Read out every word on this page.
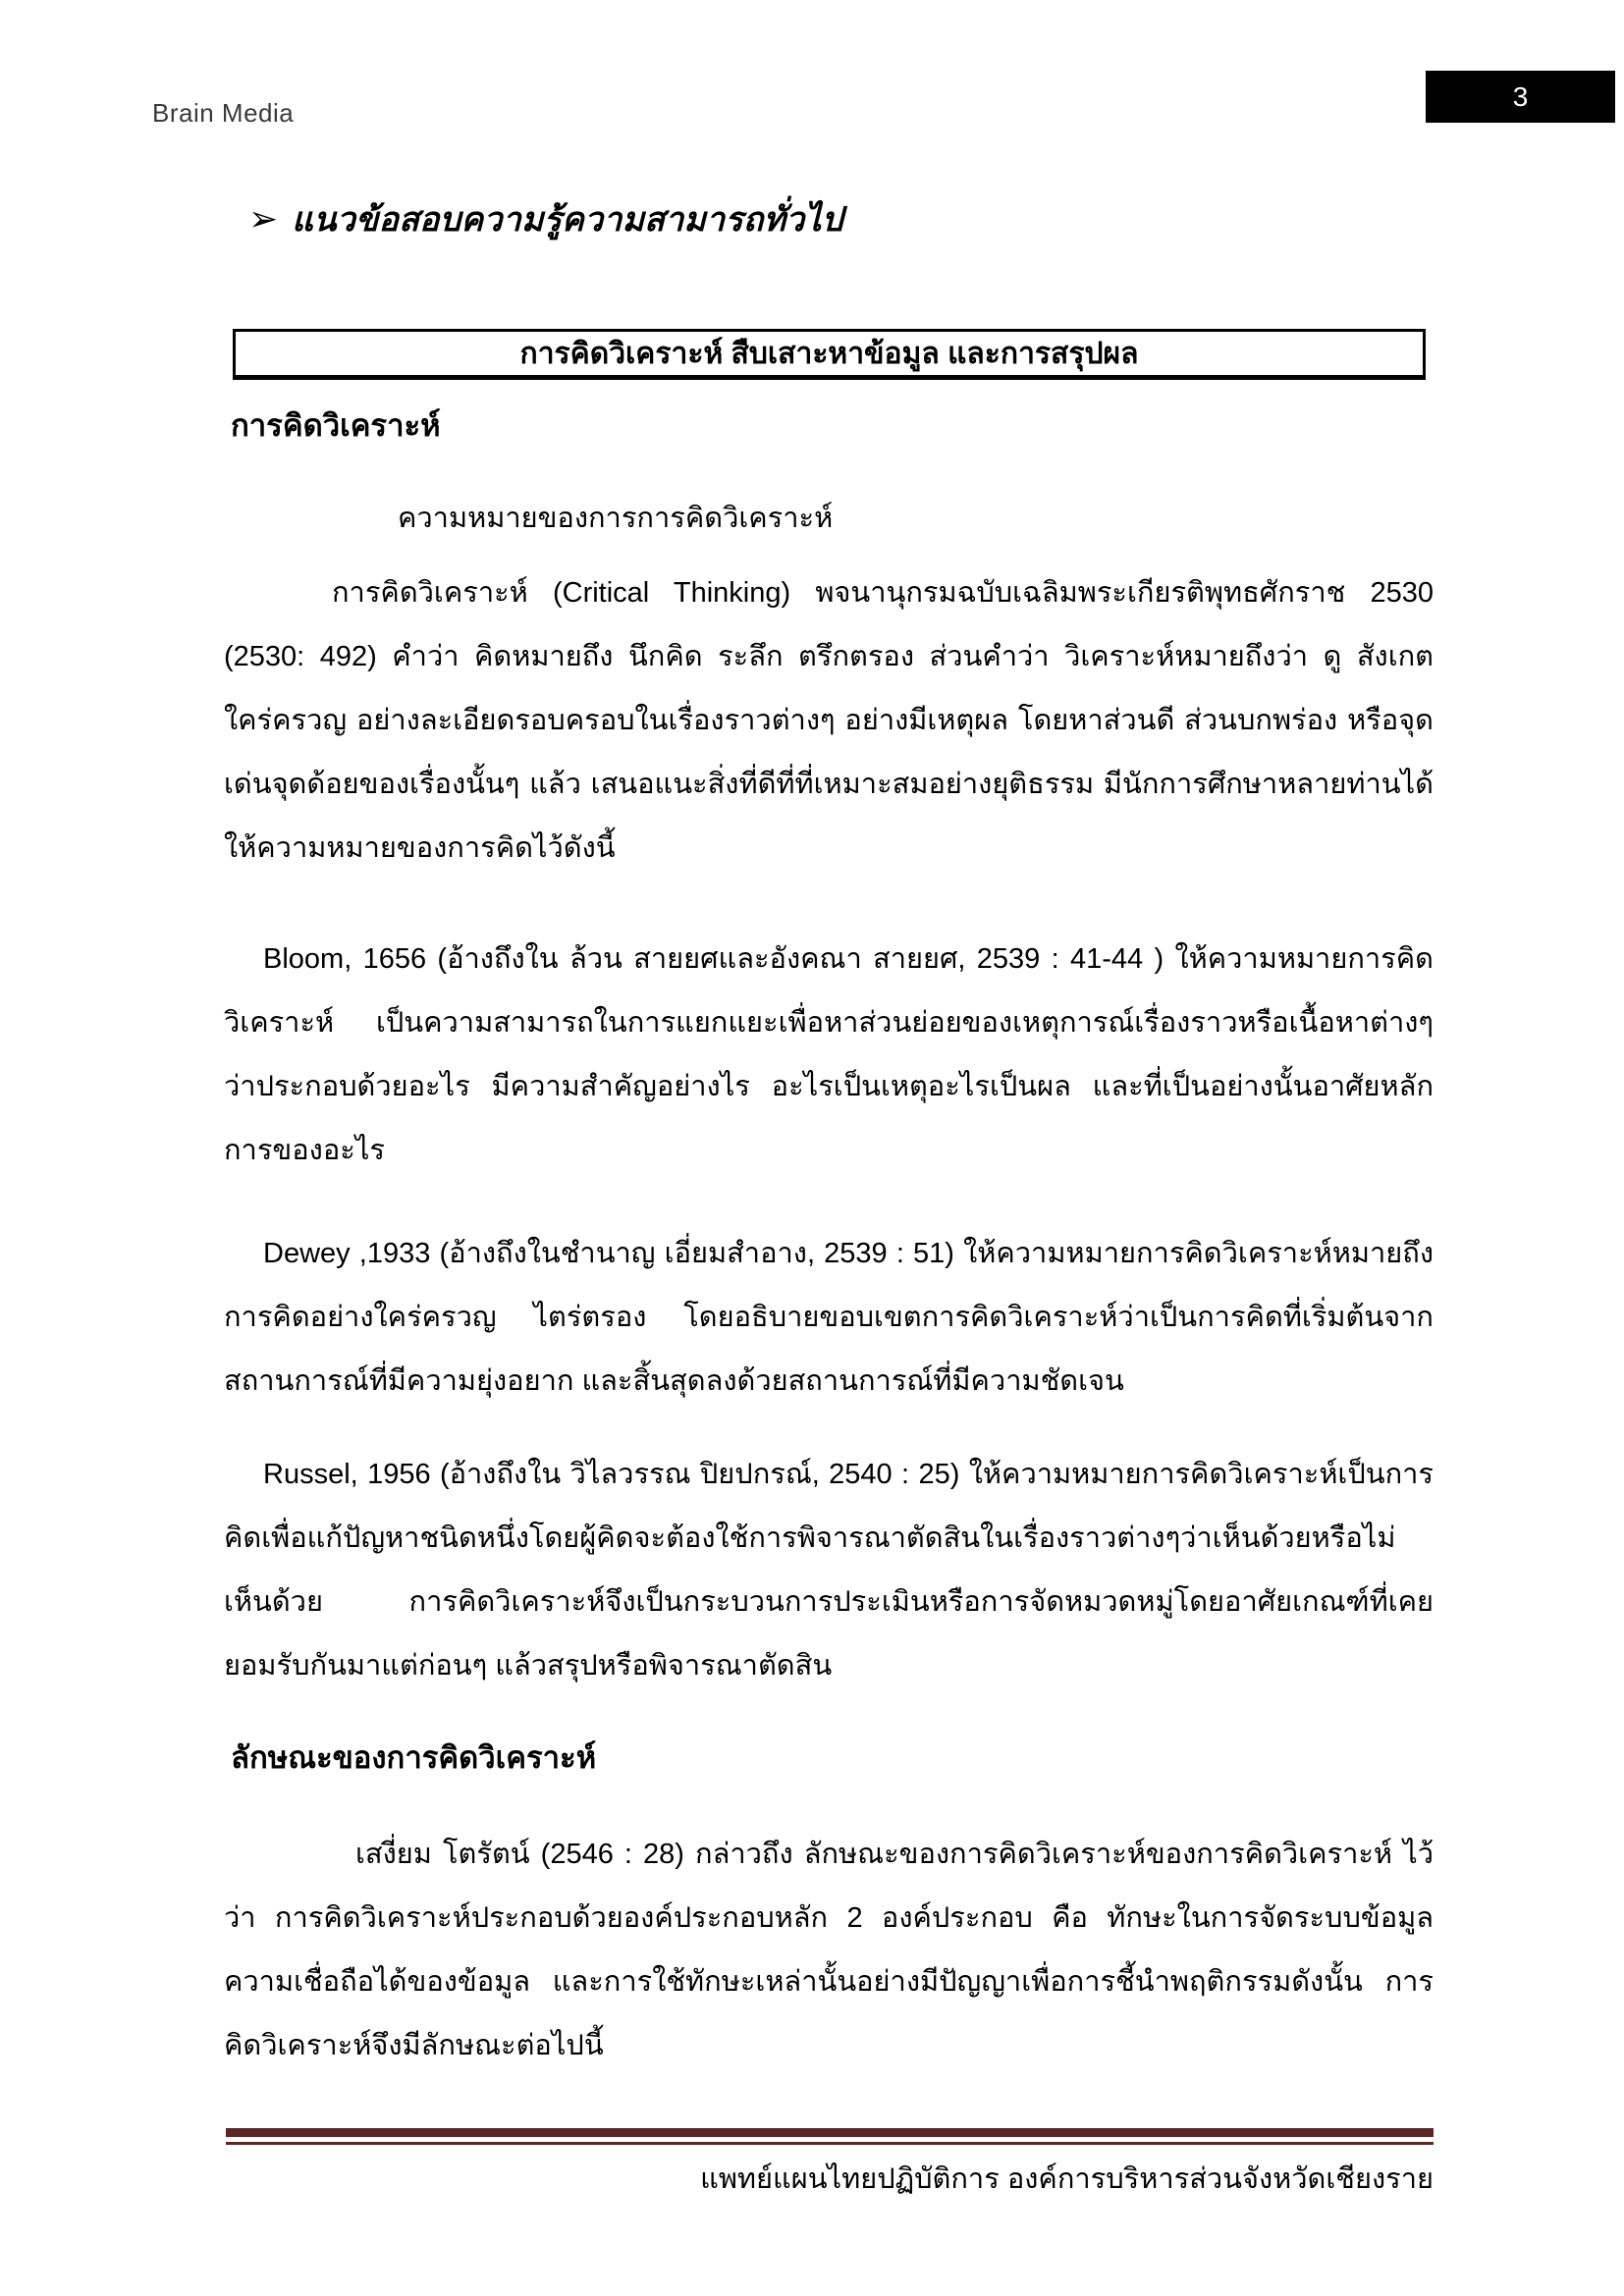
Brain Media
3
➢ แนวข้อสอบความรู้ความสามารถทั่วไป
การคิดวิเคราะห์ สืบเสาะหาข้อมูล และการสรุปผล
การคิดวิเคราะห์
ความหมายของการการคิดวิเคราะห์
การคิดวิเคราะห์ (Critical Thinking) พจนานุกรมฉบับเฉลิมพระเกียรติพุทธศักราช 2530 (2530: 492) คำว่า คิดหมายถึง นึกคิด ระลึก ตรึกตรอง ส่วนคำว่า วิเคราะห์หมายถึงว่า ดู สังเกต ใคร่ครวญ อย่างละเอียดรอบครอบในเรื่องราวต่างๆ อย่างมีเหตุผล โดยหาส่วนดี ส่วนบกพร่อง หรือจุดเด่นจุดด้อยของเรื่องนั้นๆ แล้ว เสนอแนะสิ่งที่ดีที่ที่เหมาะสมอย่างยุติธรรม มีนักการศึกษาหลายท่านได้ให้ความหมายของการคิดไว้ดังนี้
Bloom, 1656 (อ้างถึงใน ล้วน สายยศและอังคณา สายยศ, 2539 : 41-44 ) ให้ความหมายการคิดวิเคราะห์ เป็นความสามารถในการแยกแยะเพื่อหาส่วนย่อยของเหตุการณ์เรื่องราวหรือเนื้อหาต่างๆ ว่าประกอบด้วยอะไร มีความสำคัญอย่างไร อะไรเป็นเหตุอะไรเป็นผล และที่เป็นอย่างนั้นอาศัยหลักการของอะไร
Dewey ,1933 (อ้างถึงในชำนาญ เอี่ยมสำอาง, 2539 : 51) ให้ความหมายการคิดวิเคราะห์หมายถึง การคิดอย่างใคร่ครวญ ไตร่ตรอง โดยอธิบายขอบเขตการคิดวิเคราะห์ว่าเป็นการคิดที่เริ่มต้นจากสถานการณ์ที่มีความยุ่งอยาก และสิ้นสุดลงด้วยสถานการณ์ที่มีความชัดเจน
Russel, 1956 (อ้างถึงใน วิไลวรรณ ปิยปกรณ์, 2540 : 25) ให้ความหมายการคิดวิเคราะห์เป็นการคิดเพื่อแก้ปัญหาชนิดหนึ่งโดยผู้คิดจะต้องใช้การพิจารณาตัดสินในเรื่องราวต่างๆว่าเห็นด้วยหรือไม่เห็นด้วย การคิดวิเคราะห์จึงเป็นกระบวนการประเมินหรือการจัดหมวดหมู่โดยอาศัยเกณฑ์ที่เคยยอมรับกันมาแต่ก่อนๆ แล้วสรุปหรือพิจารณาตัดสิน
ลักษณะของการคิดวิเคราะห์
เสงี่ยม โตรัตน์ (2546 : 28) กล่าวถึง ลักษณะของการคิดวิเคราะห์ของการคิดวิเคราะห์ ไว้ว่า การคิดวิเคราะห์ประกอบด้วยองค์ประกอบหลัก 2 องค์ประกอบ คือ ทักษะในการจัดระบบข้อมูล ความเชื่อถือได้ของข้อมูล และการใช้ทักษะเหล่านั้นอย่างมีปัญญาเพื่อการชี้นำพฤติกรรมดังนั้น การคิดวิเคราะห์จึงมีลักษณะต่อไปนี้
แพทย์แผนไทยปฏิบัติการ องค์การบริหารส่วนจังหวัดเชียงราย
